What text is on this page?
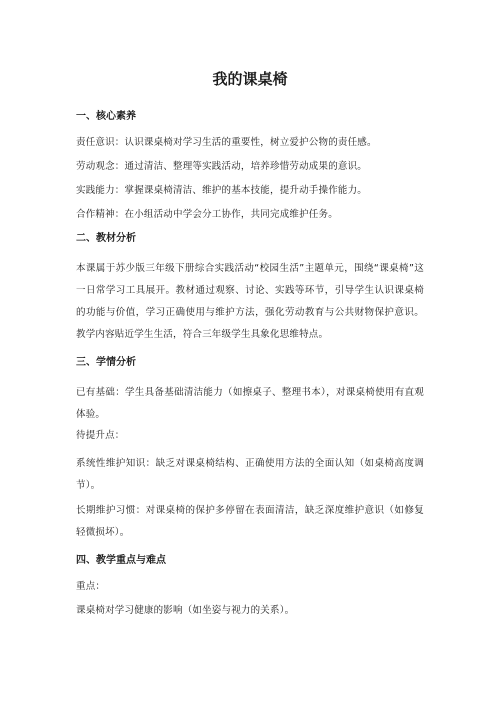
我的课桌椅
一、核心素养

责任意识：认识课桌椅对学习生活的重要性，树立爱护公物的责任感。

劳动观念：通过清洁、整理等实践活动，培养珍惜劳动成果的意识。

实践能力：掌握课桌椅清洁、维护的基本技能，提升动手操作能力。

合作精神：在小组活动中学会分工协作，共同完成维护任务。

二、教材分析

本课属于苏少版三年级下册综合实践活动“校园生活”主题单元，围绕“课桌椅”这一日常学习工具展开。教材通过观察、讨论、实践等环节，引导学生认识课桌椅的功能与价值，学习正确使用与维护方法，强化劳动教育与公共财物保护意识。教学内容贴近学生生活，符合三年级学生具象化思维特点。

三、学情分析

已有基础：学生具备基础清洁能力（如擦桌子、整理书本），对课桌椅使用有直观体验。

待提升点：

系统性维护知识：缺乏对课桌椅结构、正确使用方法的全面认知（如桌椅高度调节）。

长期维护习惯：对课桌椅的保护多停留在表面清洁，缺乏深度维护意识（如修复轻微损坏）。

四、教学重点与难点

重点：

课桌椅对学习健康的影响（如坐姿与视力的关系）。
